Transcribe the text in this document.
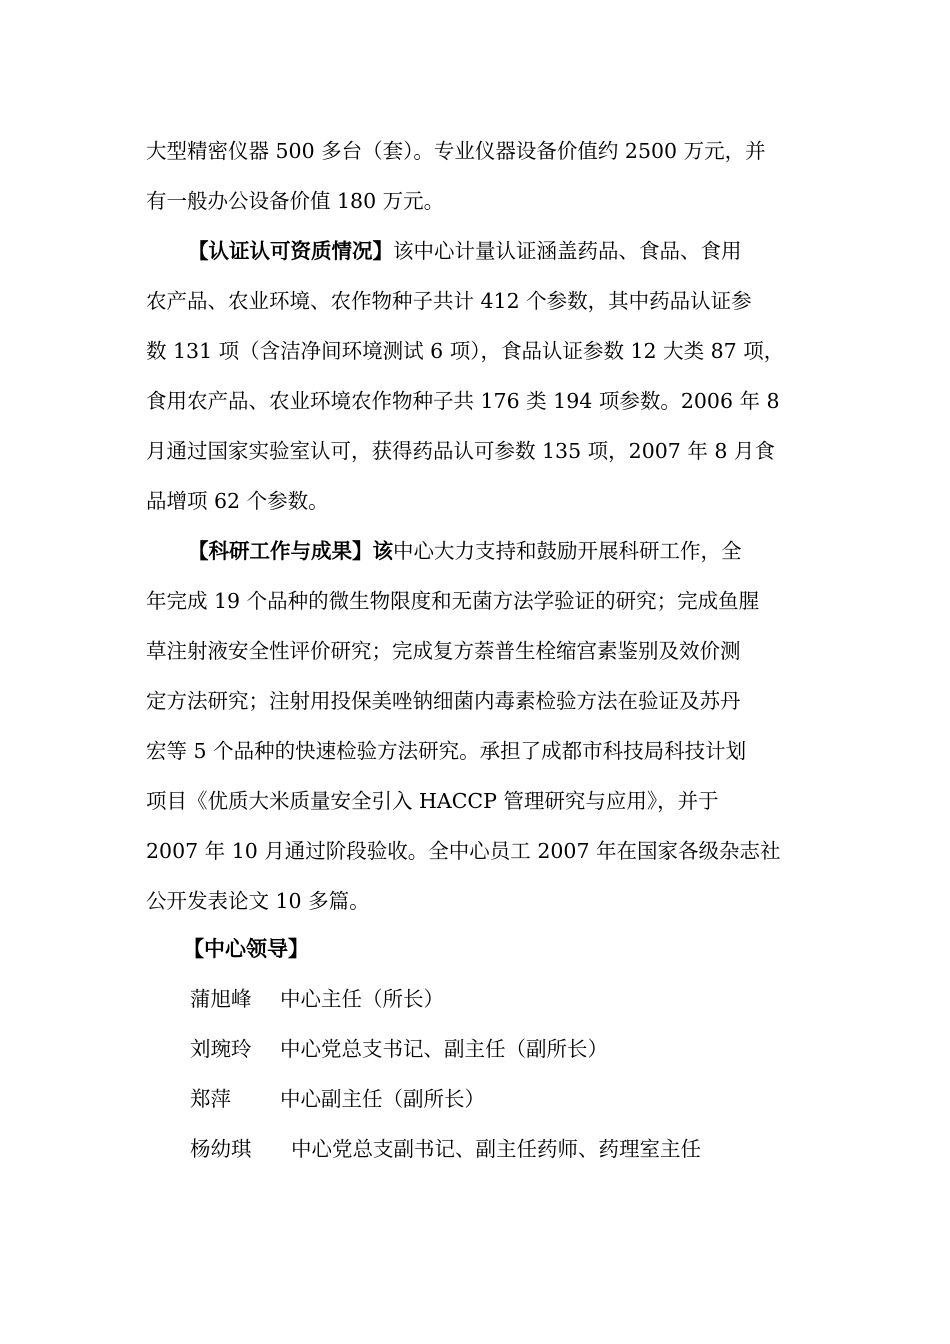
大型精密仪器 500 多台（套）。专业仪器设备价值约 2500 万元，并
有一般办公设备价值 180 万元。
【认证认可资质情况】该中心计量认证涵盖药品、食品、食用
农产品、农业环境、农作物种子共计 412 个参数，其中药品认证参
数 131 项（含洁净间环境测试 6 项），食品认证参数 12 大类 87 项，
食用农产品、农业环境农作物种子共 176 类 194 项参数。2006 年 8
月通过国家实验室认可，获得药品认可参数 135 项，2007 年 8 月食
品增项 62 个参数。
【科研工作与成果】该中心大力支持和鼓励开展科研工作，全
年完成 19 个品种的微生物限度和无菌方法学验证的研究；完成鱼腥
草注射液安全性评价研究；完成复方萘普生栓缩宫素鉴别及效价测
定方法研究；注射用投保美唑钠细菌内毒素检验方法在验证及苏丹
宏等 5 个品种的快速检验方法研究。承担了成都市科技局科技计划
项目《优质大米质量安全引入 HACCP 管理研究与应用》，并于
2007 年 10 月通过阶段验收。全中心员工 2007 年在国家各级杂志社
公开发表论文 10 多篇。
【中心领导】
蒲旭峰 中心主任（所长）
刘琬玲 中心党总支书记、副主任（副所长）
郑萍 中心副主任（副所长）
杨幼琪 中心党总支副书记、副主任药师、药理室主任
